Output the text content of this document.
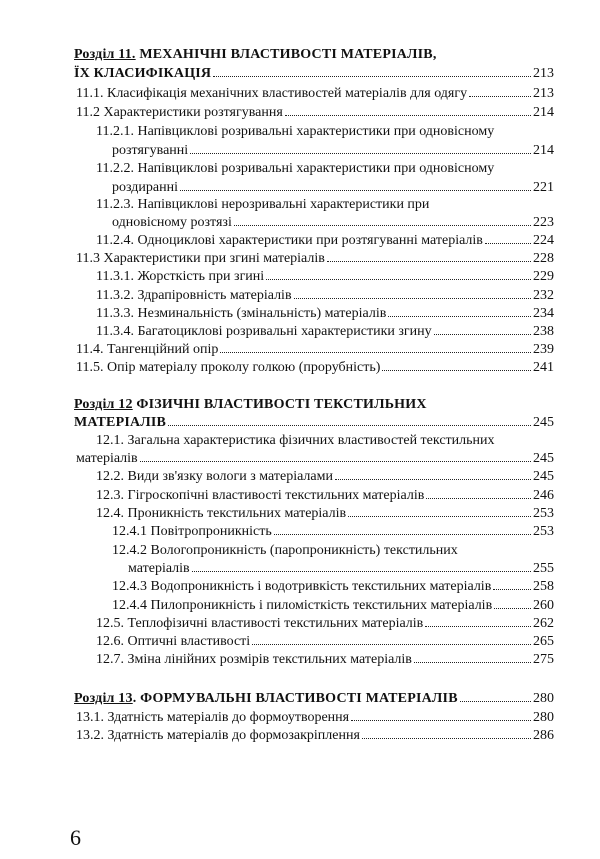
Розділ 11. МЕХАНІЧНІ ВЛАСТИВОСТІ МАТЕРІАЛІВ,
ЇХ КЛАСИФІКАЦІЯ	213
11.1. Класифікація механічних властивостей матеріалів для одягу	213
11.2 Характеристики розтягування	214
11.2.1. Напівциклові розривальні характеристики при одновісному
розтягуванні	214
11.2.2. Напівциклові розривальні характеристики при одновісному
роздиранні	221
11.2.3. Напівциклові нерозривальні характеристики при
одновісному розтязі	223
11.2.4. Одноциклові характеристики при розтягуванні матеріалів	224
11.3 Характеристики при згині матеріалів	228
11.3.1. Жорсткість при згині	229
11.3.2. Здрапіровність матеріалів	232
11.3.3. Незминальність (змінальність) матеріалів	234
11.3.4. Багатоциклові розривальні характеристики згину	238
11.4. Тангенційний опір	239
11.5. Опір матеріалу проколу голкою (прорубність)	241
Розділ 12 ФІЗИЧНІ ВЛАСТИВОСТІ ТЕКСТИЛЬНИХ
МАТЕРІАЛІВ	245
12.1. Загальна характеристика фізичних властивостей текстильних
матеріалів	245
12.2. Види зв'язку вологи з матеріалами	245
12.3. Гігроскопічні властивості текстильних матеріалів	246
12.4. Проникність текстильних матеріалів	253
12.4.1 Повітропроникність	253
12.4.2 Вологопроникність (паропроникність) текстильних
матеріалів	255
12.4.3 Водопроникність і водотривкість текстильних матеріалів	258
12.4.4 Пилопроникність і пиломісткість текстильних матеріалів	260
12.5. Теплофізичні властивості текстильних матеріалів	262
12.6. Оптичні властивості	265
12.7. Зміна лінійних розмірів текстильних матеріалів	275
Розділ 13. ФОРМУВАЛЬНІ ВЛАСТИВОСТІ МАТЕРІАЛІВ	280
13.1. Здатність матеріалів до формоутворення	280
13.2. Здатність матеріалів до формозакріплення	286
6
